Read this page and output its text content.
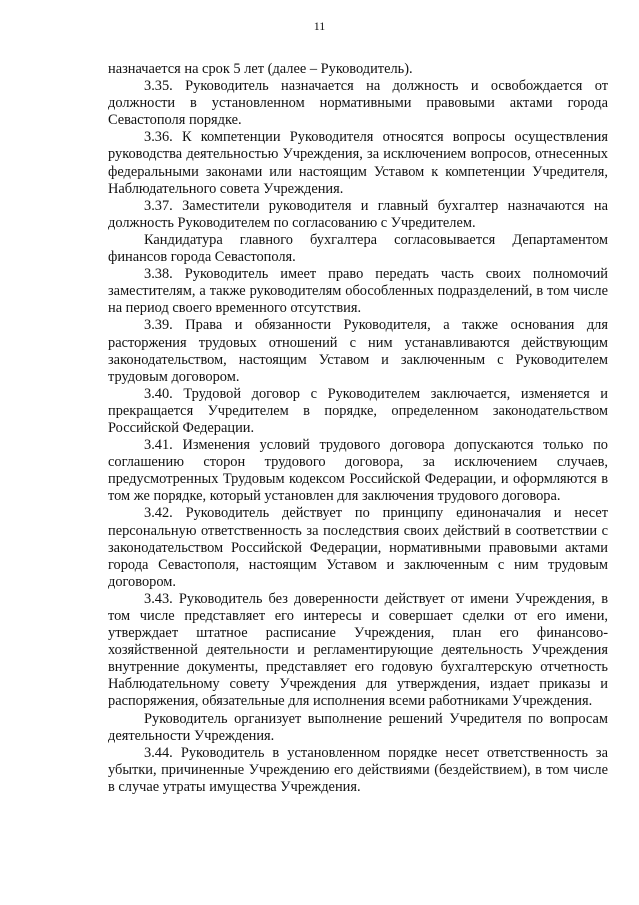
11

назначается на срок 5 лет (далее – Руководитель).

3.35. Руководитель назначается на должность и освобождается от должности в установленном нормативными правовыми актами города Севастополя порядке.

3.36. К компетенции Руководителя относятся вопросы осуществления руководства деятельностью Учреждения, за исключением вопросов, отнесенных федеральными законами или настоящим Уставом к компетенции Учредителя, Наблюдательного совета Учреждения.

3.37. Заместители руководителя и главный бухгалтер назначаются на должность Руководителем по согласованию с Учредителем.

Кандидатура главного бухгалтера согласовывается Департаментом финансов города Севастополя.

3.38. Руководитель имеет право передать часть своих полномочий заместителям, а также руководителям обособленных подразделений, в том числе на период своего временного отсутствия.

3.39. Права и обязанности Руководителя, а также основания для расторжения трудовых отношений с ним устанавливаются действующим законодательством, настоящим Уставом и заключенным с Руководителем трудовым договором.

3.40. Трудовой договор с Руководителем заключается, изменяется и прекращается Учредителем в порядке, определенном законодательством Российской Федерации.

3.41. Изменения условий трудового договора допускаются только по соглашению сторон трудового договора, за исключением случаев, предусмотренных Трудовым кодексом Российской Федерации, и оформляются в том же порядке, который установлен для заключения трудового договора.

3.42. Руководитель действует по принципу единоначалия и несет персональную ответственность за последствия своих действий в соответствии с законодательством Российской Федерации, нормативными правовыми актами города Севастополя, настоящим Уставом и заключенным с ним трудовым договором.

3.43. Руководитель без доверенности действует от имени Учреждения, в том числе представляет его интересы и совершает сделки от его имени, утверждает штатное расписание Учреждения, план его финансово-хозяйственной деятельности и регламентирующие деятельность Учреждения внутренние документы, представляет его годовую бухгалтерскую отчетность Наблюдательному совету Учреждения для утверждения, издает приказы и распоряжения, обязательные для исполнения всеми работниками Учреждения.

Руководитель организует выполнение решений Учредителя по вопросам деятельности Учреждения.

3.44. Руководитель в установленном порядке несет ответственность за убытки, причиненные Учреждению его действиями (бездействием), в том числе в случае утраты имущества Учреждения.
